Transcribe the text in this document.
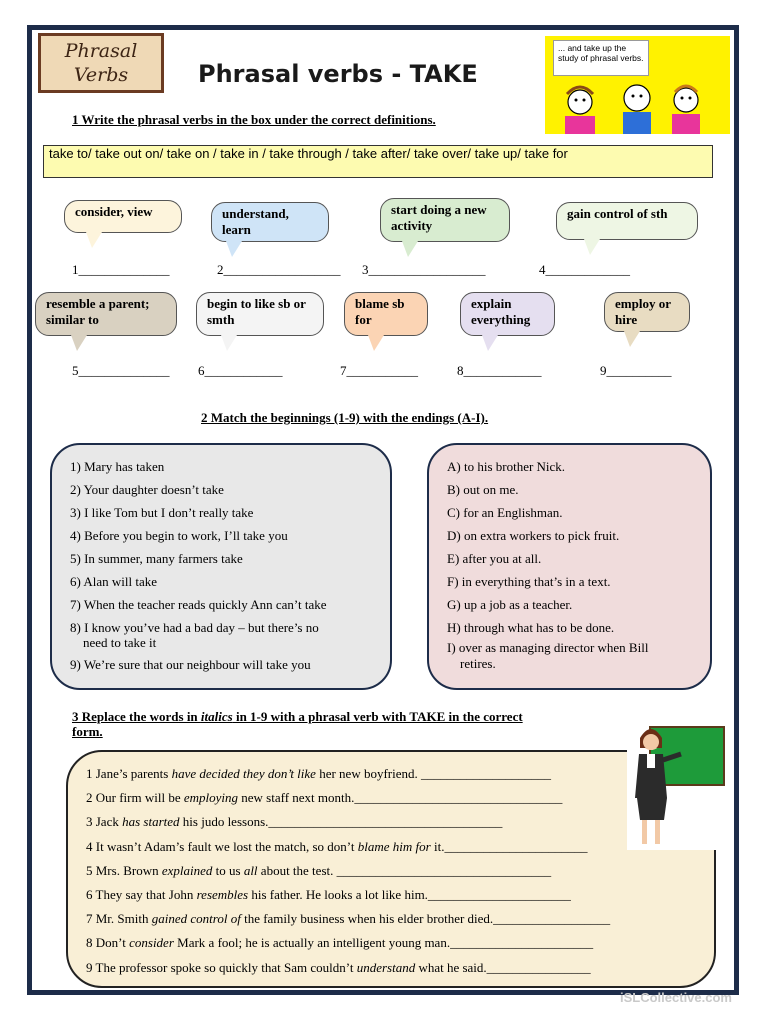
Phrasal
Verbs	Phrasal verbs - TAKE
... and take up the study of phrasal verbs.
1 Write the phrasal verbs in the box under the correct definitions.
take to/ take out on/ take on / take in / take through / take after/ take over/ take up/ take for
consider, view	understand, learn
start doing a new activity
gain control of sth
resemble a parent; similar to
begin to like sb or smth
blame sb for
explain everything
employ or hire
1______________	2__________________ 3__________________	4_____________
5______________ 6____________	7___________	8____________	9__________
2 Match the beginnings (1-9) with the endings (A-I).
1) Mary has taken
2) Your daughter doesn’t take
3) I like Tom but I don’t really take
4) Before you begin to work, I’ll take you
5) In summer, many farmers take
6) Alan will take
7) When the teacher reads quickly Ann can’t take
8) I know you’ve had a bad day – but there’s no
need to take it
9) We’re sure that our neighbour will take you
A) to his brother Nick.
B) out on me.
C) for an Englishman.
D) on extra workers to pick fruit.
E) after you at all.
F) in everything that’s in a text.
G) up a job as a teacher.
H) through what has to be done.
I) over as managing director when Bill
retires.
3 Replace the words in italics in 1-9 with a phrasal verb with TAKE in the correct
form.
1 Jane’s parents have decided they don’t like her new boyfriend. ____________________
2 Our firm will be employing new staff next month.________________________________
3 Jack has started his judo lessons.____________________________________
4 It wasn’t Adam’s fault we lost the match, so don’t blame him for it.______________________
5 Mrs. Brown explained to us all about the test. _________________________________
6 They say that John resembles his father. He looks a lot like him.______________________
7 Mr. Smith gained control of the family business when his elder brother died.__________________
8 Don’t consider Mark a fool; he is actually an intelligent young man.______________________
9 The professor spoke so quickly that Sam couldn’t understand what he said.________________
iSLCollective.com
